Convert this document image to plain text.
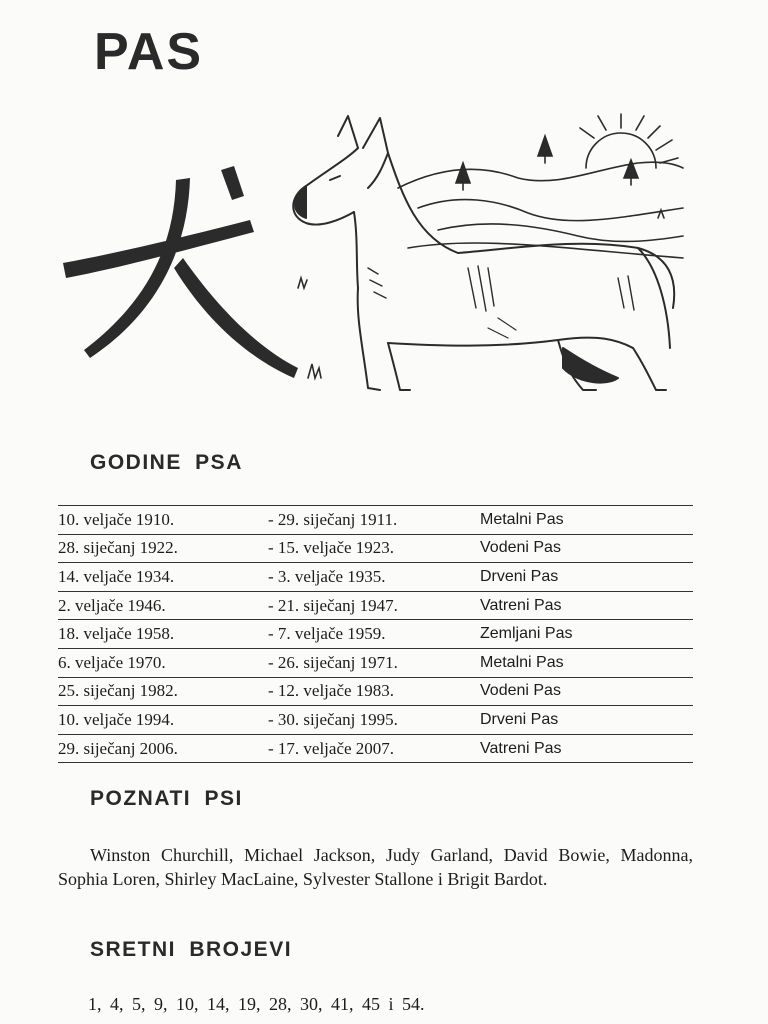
PAS
GODINE PSA
10. veljače 1910.	- 29. siječanj 1911.	Metalni Pas
28. siječanj 1922.	- 15. veljače 1923.	Vodeni Pas
14. veljače 1934.	- 3. veljače 1935.	Drveni Pas
2. veljače 1946.	- 21. siječanj 1947.	Vatreni Pas
18. veljače 1958.	- 7. veljače 1959.	Zemljani Pas
6. veljače 1970.	- 26. siječanj 1971.	Metalni Pas
25. siječanj 1982.	- 12. veljače 1983.	Vodeni Pas
10. veljače 1994.	- 30. siječanj 1995.	Drveni Pas
29. siječanj 2006.	- 17. veljače 2007.	Vatreni Pas
POZNATI PSI

Winston Churchill, Michael Jackson, Judy Garland, David Bowie, Madonna, Sophia Loren, Shirley MacLaine, Sylvester Stallone i Brigit Bardot.

SRETNI BROJEVI

1, 4, 5, 9, 10, 14, 19, 28, 30, 41, 45 i 54.
